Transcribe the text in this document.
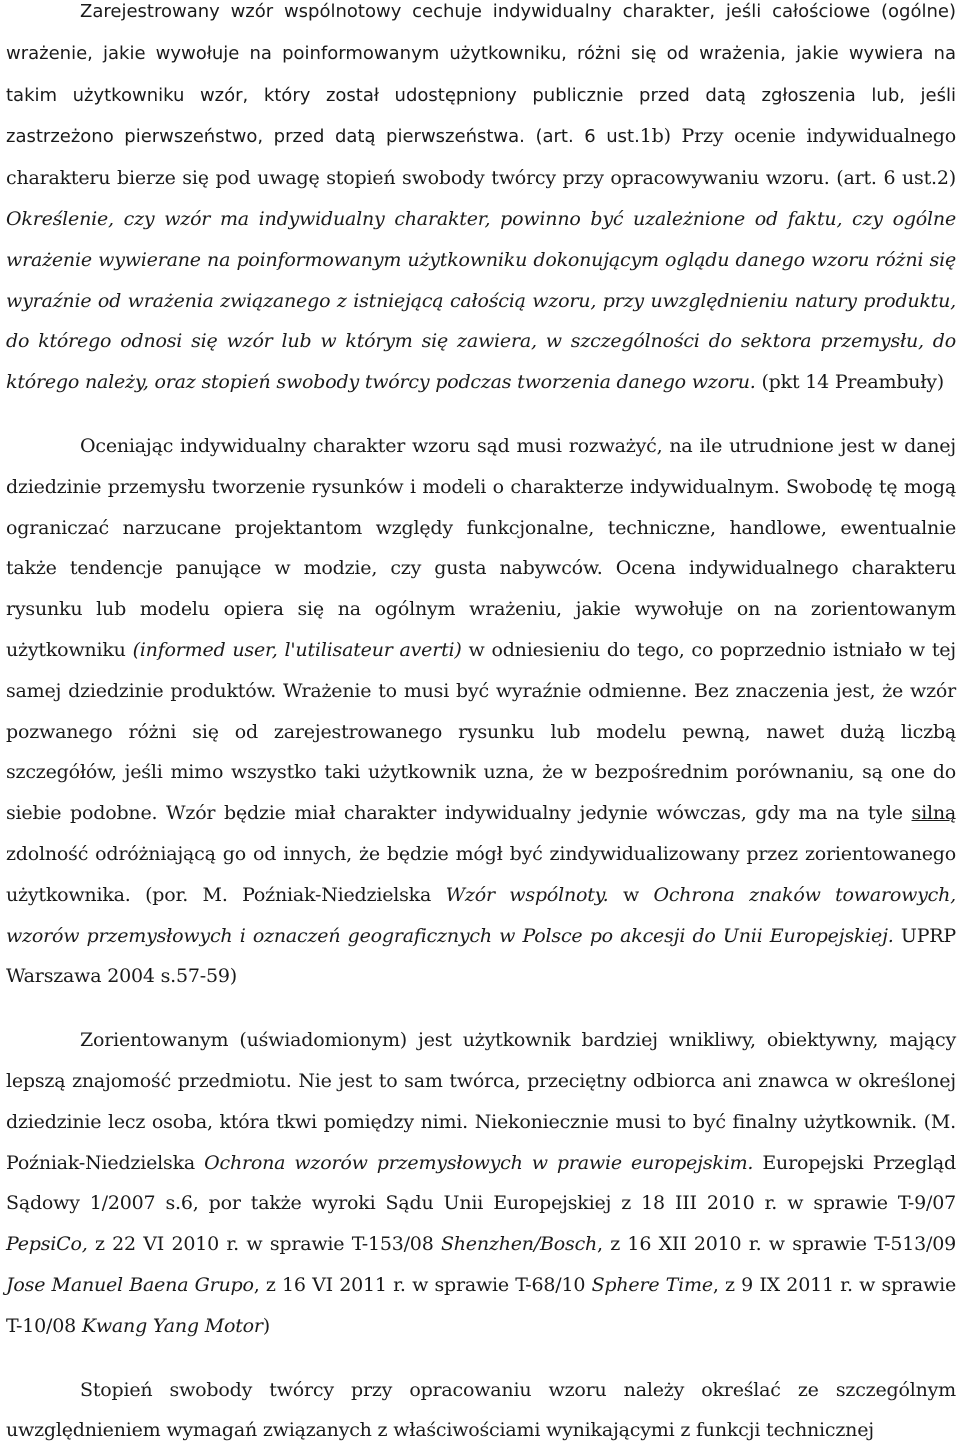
Zarejestrowany wzór wspólnotowy cechuje indywidualny charakter, jeśli całościowe (ogólne) wrażenie, jakie wywołuje na poinformowanym użytkowniku, różni się od wrażenia, jakie wywiera na takim użytkowniku wzór, który został udostępniony publicznie przed datą zgłoszenia lub, jeśli zastrzeżono pierwszeństwo, przed datą pierwszeństwa. (art. 6 ust.1b) Przy ocenie indywidualnego charakteru bierze się pod uwagę stopień swobody twórcy przy opracowywaniu wzoru. (art. 6 ust.2) Określenie, czy wzór ma indywidualny charakter, powinno być uzależnione od faktu, czy ogólne wrażenie wywierane na poinformowanym użytkowniku dokonującym oglądu danego wzoru różni się wyraźnie od wrażenia związanego z istniejącą całością wzoru, przy uwzględnieniu natury produktu, do którego odnosi się wzór lub w którym się zawiera, w szczególności do sektora przemysłu, do którego należy, oraz stopień swobody twórcy podczas tworzenia danego wzoru. (pkt 14 Preambuły)

Oceniając indywidualny charakter wzoru sąd musi rozważyć, na ile utrudnione jest w danej dziedzinie przemysłu tworzenie rysunków i modeli o charakterze indywidualnym. Swobodę tę mogą ograniczać narzucane projektantom względy funkcjonalne, techniczne, handlowe, ewentualnie także tendencje panujące w modzie, czy gusta nabywców. Ocena indywidualnego charakteru rysunku lub modelu opiera się na ogólnym wrażeniu, jakie wywołuje on na zorientowanym użytkowniku (informed user, l'utilisateur averti) w odniesieniu do tego, co poprzednio istniało w tej samej dziedzinie produktów. Wrażenie to musi być wyraźnie odmienne. Bez znaczenia jest, że wzór pozwanego różni się od zarejestrowanego rysunku lub modelu pewną, nawet dużą liczbą szczegółów, jeśli mimo wszystko taki użytkownik uzna, że w bezpośrednim porównaniu, są one do siebie podobne. Wzór będzie miał charakter indywidualny jedynie wówczas, gdy ma na tyle silną zdolność odróżniającą go od innych, że będzie mógł być zindywidualizowany przez zorientowanego użytkownika. (por. M. Poźniak-Niedzielska Wzór wspólnoty. w Ochrona znaków towarowych, wzorów przemysłowych i oznaczeń geograficznych w Polsce po akcesji do Unii Europejskiej. UPRP Warszawa 2004 s.57-59)

Zorientowanym (uświadomionym) jest użytkownik bardziej wnikliwy, obiektywny, mający lepszą znajomość przedmiotu. Nie jest to sam twórca, przeciętny odbiorca ani znawca w określonej dziedzinie lecz osoba, która tkwi pomiędzy nimi. Niekoniecznie musi to być finalny użytkownik. (M. Poźniak-Niedzielska Ochrona wzorów przemysłowych w prawie europejskim. Europejski Przegląd Sądowy 1/2007 s.6, por także wyroki Sądu Unii Europejskiej z 18 III 2010 r. w sprawie T-9/07 PepsiCo, z 22 VI 2010 r. w sprawie T-153/08 Shenzhen/Bosch, z 16 XII 2010 r. w sprawie T-513/09 Jose Manuel Baena Grupo, z 16 VI 2011 r. w sprawie T-68/10 Sphere Time, z 9 IX 2011 r. w sprawie T-10/08 Kwang Yang Motor)

Stopień swobody twórcy przy opracowaniu wzoru należy określać ze szczególnym uwzględnieniem wymagań związanych z właściwościami wynikającymi z funkcji technicznej
